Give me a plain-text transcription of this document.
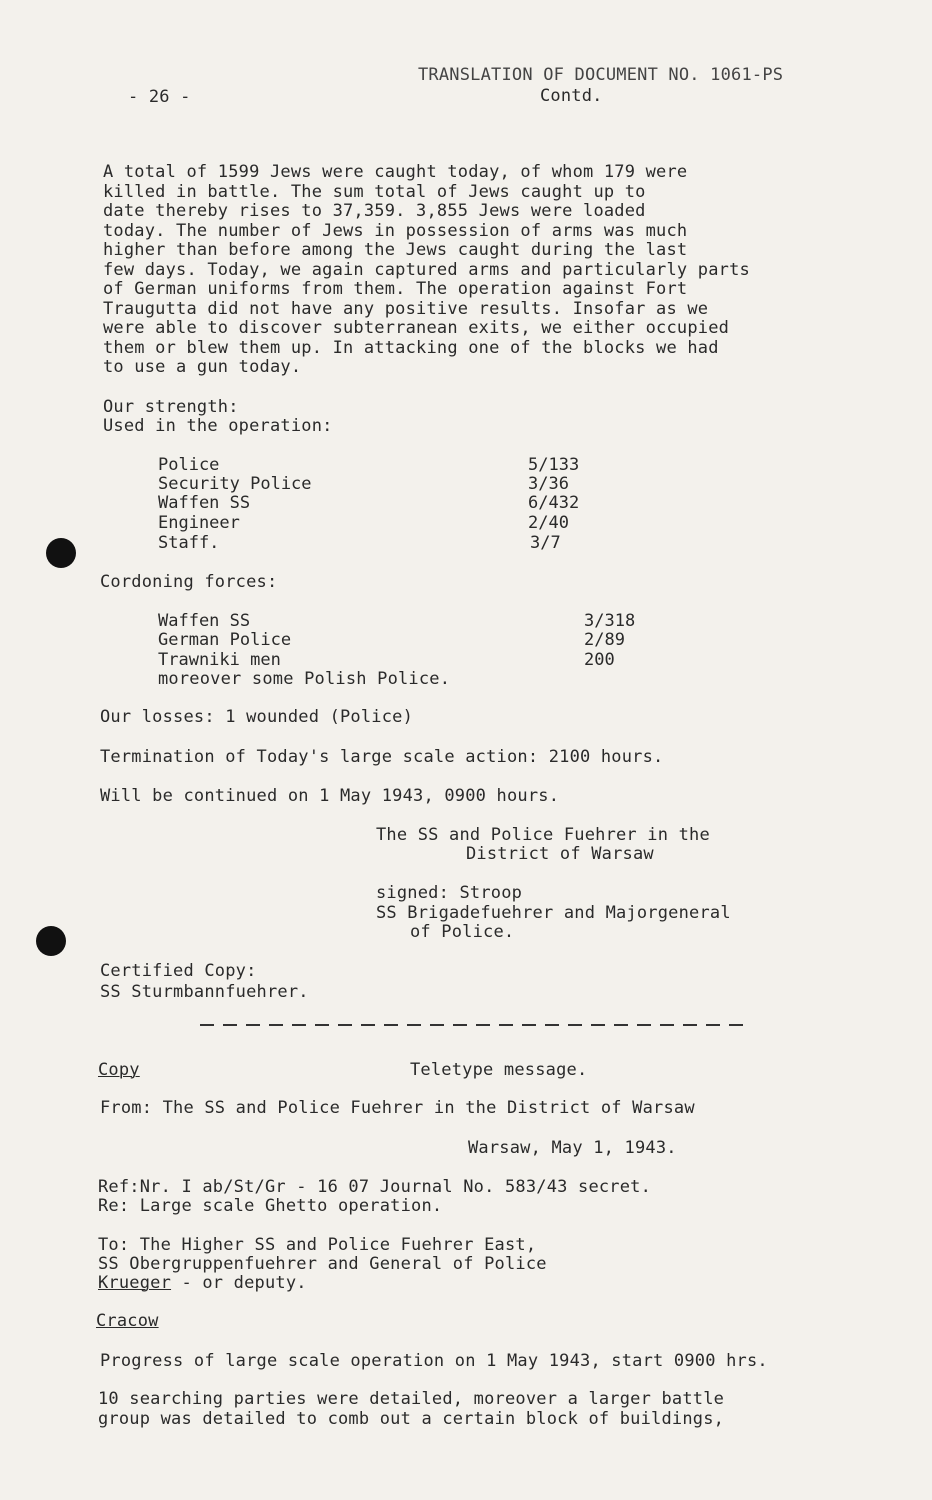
- 26 -
TRANSLATION OF DOCUMENT NO. 1061-PS
Contd.
A total of 1599 Jews were caught today, of whom 179 were
killed in battle. The sum total of Jews caught up to
date thereby rises to 37,359. 3,855 Jews were loaded
today. The number of Jews in possession of arms was much
higher than before among the Jews caught during the last
few days. Today, we again captured arms and particularly parts
of German uniforms from them. The operation against Fort
Traugutta did not have any positive results. Insofar as we
were able to discover subterranean exits, we either occupied
them or blew them up. In attacking one of the blocks we had
to use a gun today.
Our strength:
Used in the operation:
Police	5/133
Security Police	3/36
Waffen SS	6/432
Engineer	2/40
Staff.	3/7
Cordoning forces:
Waffen SS	3/318
German Police	2/89
Trawniki men	200
moreover some Polish Police.
Our losses: 1 wounded (Police)
Termination of Today's large scale action: 2100 hours.
Will be continued on 1 May 1943, 0900 hours.
The SS and Police Fuehrer in the
District of Warsaw
signed: Stroop
SS Brigadefuehrer and Majorgeneral
of Police.
Certified Copy:
SS Sturmbannfuehrer.
Copy	Teletype message.
From: The SS and Police Fuehrer in the District of Warsaw
Warsaw, May 1, 1943.
Ref:Nr. I ab/St/Gr - 16 07 Journal No. 583/43 secret.
Re: Large scale Ghetto operation.
To: The Higher SS and Police Fuehrer East,
SS Obergruppenfuehrer and General of Police
Krueger - or deputy.
Cracow
Progress of large scale operation on 1 May 1943, start 0900 hrs.
10 searching parties were detailed, moreover a larger battle
group was detailed to comb out a certain block of buildings,
